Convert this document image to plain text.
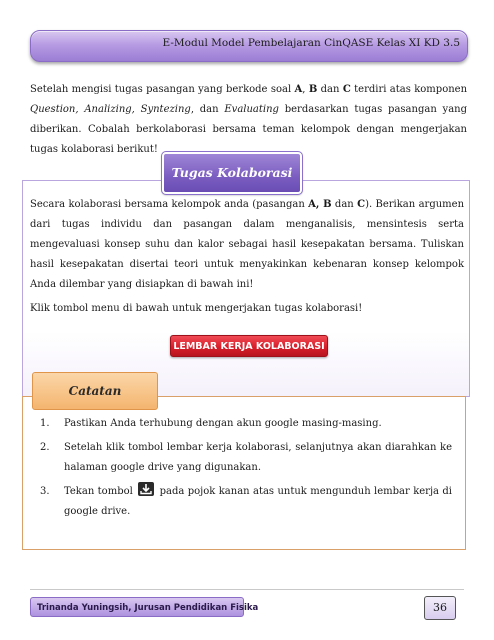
E-Modul Model Pembelajaran CinQASE Kelas XI KD 3.5
Setelah mengisi tugas pasangan yang berkode soal A, B dan C terdiri atas komponen Question, Analizing, Syntezing, dan Evaluating berdasarkan tugas pasangan yang diberikan. Cobalah berkolaborasi bersama teman kelompok dengan mengerjakan tugas kolaborasi berikut!
Tugas Kolaborasi
Secara kolaborasi bersama kelompok anda (pasangan A, B dan C). Berikan argumen dari tugas individu dan pasangan dalam menganalisis, mensintesis serta mengevaluasi konsep suhu dan kalor sebagai hasil kesepakatan bersama. Tuliskan hasil kesepakatan disertai teori untuk menyakinkan kebenaran konsep kelompok Anda dilembar yang disiapkan di bawah ini!
Klik tombol menu di bawah untuk mengerjakan tugas kolaborasi!
LEMBAR KERJA KOLABORASI
Catatan
1. Pastikan Anda terhubung dengan akun google masing-masing.
2. Setelah klik tombol lembar kerja kolaborasi, selanjutnya akan diarahkan ke halaman google drive yang digunakan.
3. Tekan tombol  pada pojok kanan atas untuk mengunduh lembar kerja di google drive.
Trinanda Yuningsih, Jurusan Pendidikan Fisika	36
